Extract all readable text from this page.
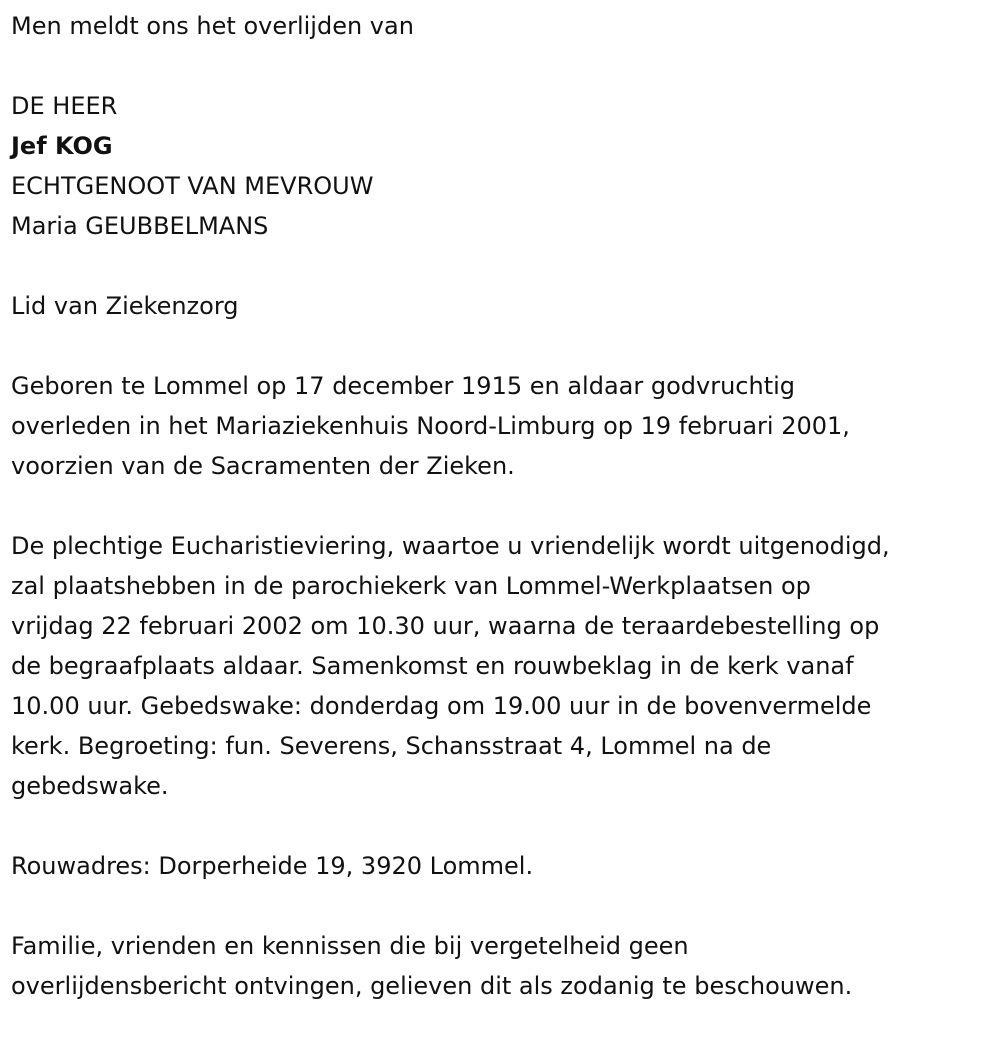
Men meldt ons het overlijden van

DE HEER

Jef KOG

ECHTGENOOT VAN MEVROUW

Maria GEUBBELMANS

Lid van Ziekenzorg

Geboren te Lommel op 17 december 1915 en aldaar godvruchtig
overleden in het Mariaziekenhuis Noord-Limburg op 19 februari 2001,
voorzien van de Sacramenten der Zieken.
De plechtige Eucharistieviering, waartoe u vriendelijk wordt uitgenodigd,
zal plaatshebben in de parochiekerk van Lommel-Werkplaatsen op
vrijdag 22 februari 2002 om 10.30 uur, waarna de teraardebestelling op
de begraafplaats aldaar. Samenkomst en rouwbeklag in de kerk vanaf
10.00 uur. Gebedswake: donderdag om 19.00 uur in de bovenvermelde
kerk. Begroeting: fun. Severens, Schansstraat 4, Lommel na de
gebedswake.

Rouwadres: Dorperheide 19, 3920 Lommel.

Familie, vrienden en kennissen die bij vergetelheid geen
overlijdensbericht ontvingen, gelieven dit als zodanig te beschouwen.
